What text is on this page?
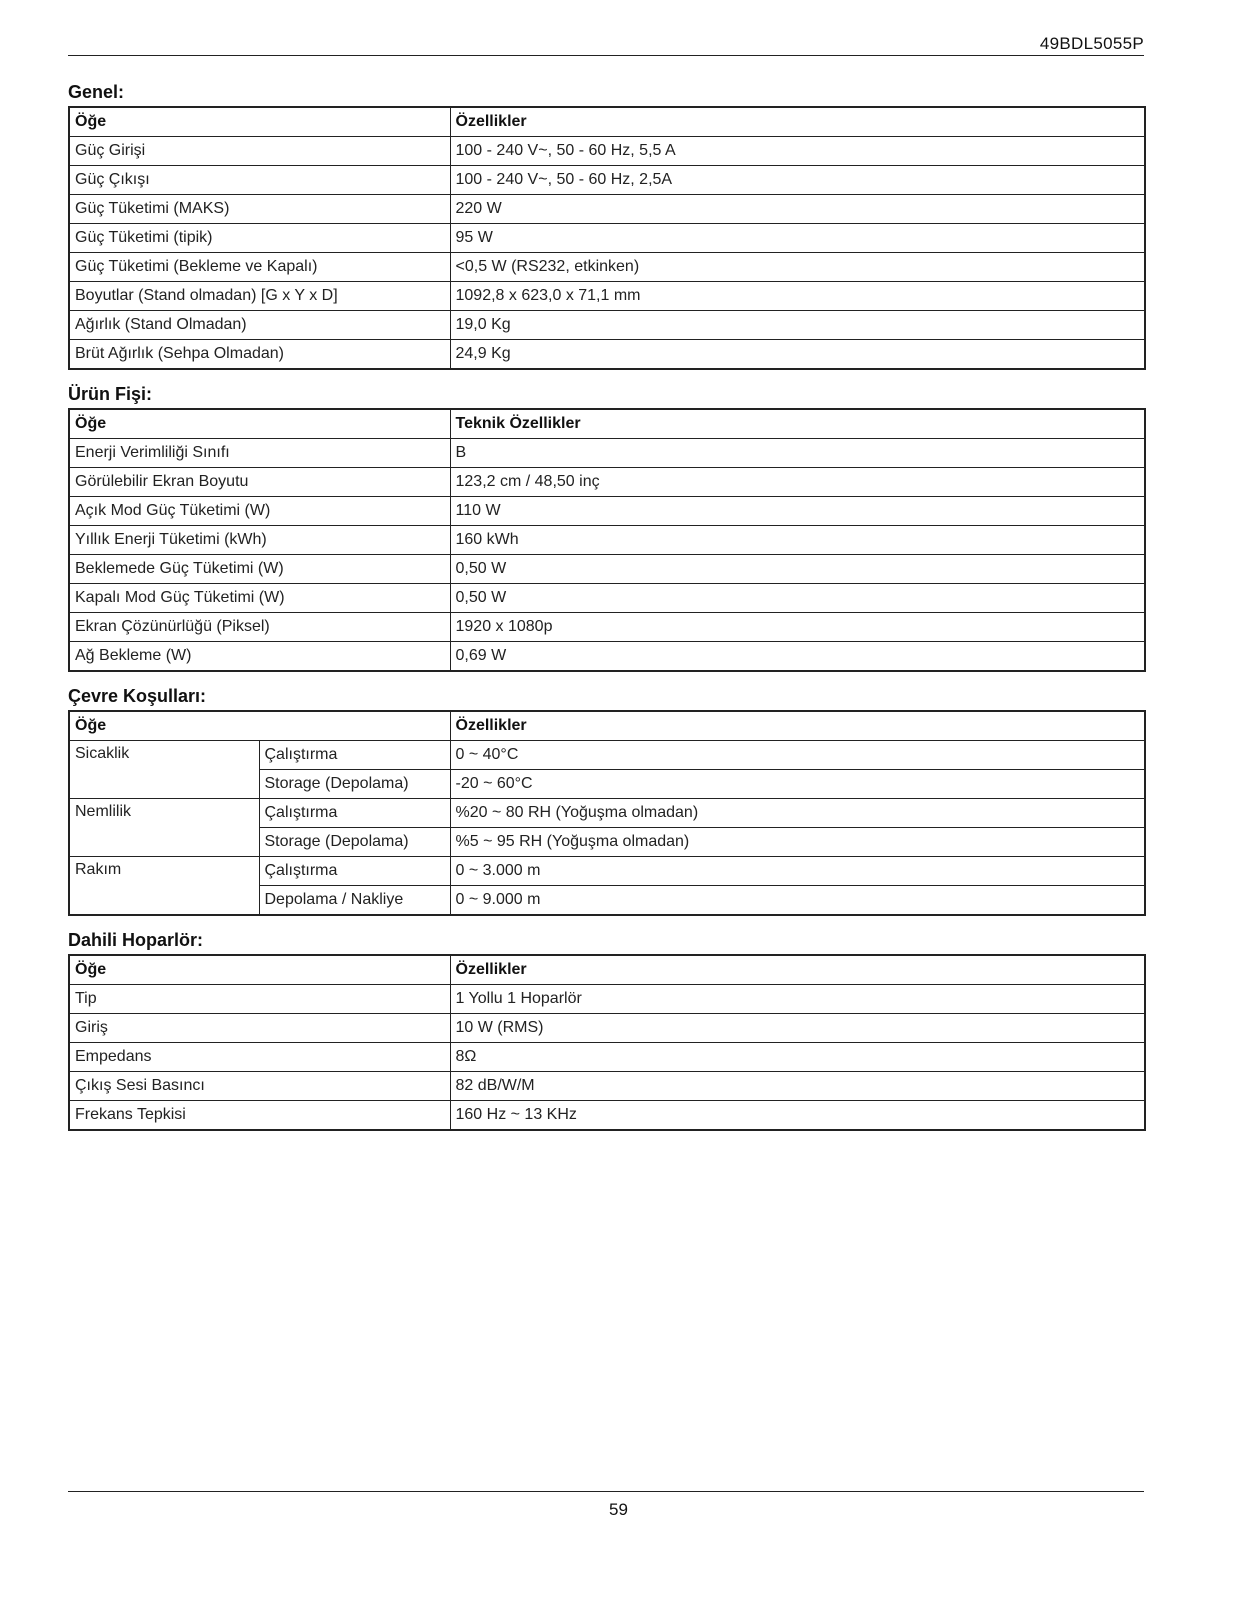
49BDL5055P
Genel:
Öğe	Özellikler
Güç Girişi	100 - 240 V~, 50 - 60 Hz, 5,5 A
Güç Çıkışı	100 - 240 V~, 50 - 60 Hz, 2,5A
Güç Tüketimi (MAKS)	220 W
Güç Tüketimi (tipik)	95 W
Güç Tüketimi (Bekleme ve Kapalı)	<0,5 W (RS232, etkinken)
Boyutlar (Stand olmadan) [G x Y x D]	1092,8 x 623,0 x 71,1 mm
Ağırlık (Stand Olmadan)	19,0 Kg
Brüt Ağırlık (Sehpa Olmadan)	24,9 Kg
Ürün Fişi:
Öğe	Teknik Özellikler
Enerji Verimliliği Sınıfı	B
Görülebilir Ekran Boyutu	123,2 cm / 48,50 inç
Açık Mod Güç Tüketimi (W)	110 W
Yıllık Enerji Tüketimi (kWh)	160 kWh
Beklemede Güç Tüketimi (W)	0,50 W
Kapalı Mod Güç Tüketimi (W)	0,50 W
Ekran Çözünürlüğü (Piksel)	1920 x 1080p
Ağ Bekleme (W)	0,69 W
Çevre Koşulları:
Öğe		Özellikler
Sicaklik	Çalıştırma	0 ~ 40°C
	Storage (Depolama)	-20 ~ 60°C
Nemlilik	Çalıştırma	%20 ~ 80 RH (Yoğuşma olmadan)
	Storage (Depolama)	%5 ~ 95 RH (Yoğuşma olmadan)
Rakım	Çalıştırma	0 ~ 3.000 m
	Depolama / Nakliye	0 ~ 9.000 m
Dahili Hoparlör:
Öğe	Özellikler
Tip	1 Yollu 1 Hoparlör
Giriş	10 W (RMS)
Empedans	8Ω
Çıkış Sesi Basıncı	82 dB/W/M
Frekans Tepkisi	160 Hz ~ 13 KHz
59
